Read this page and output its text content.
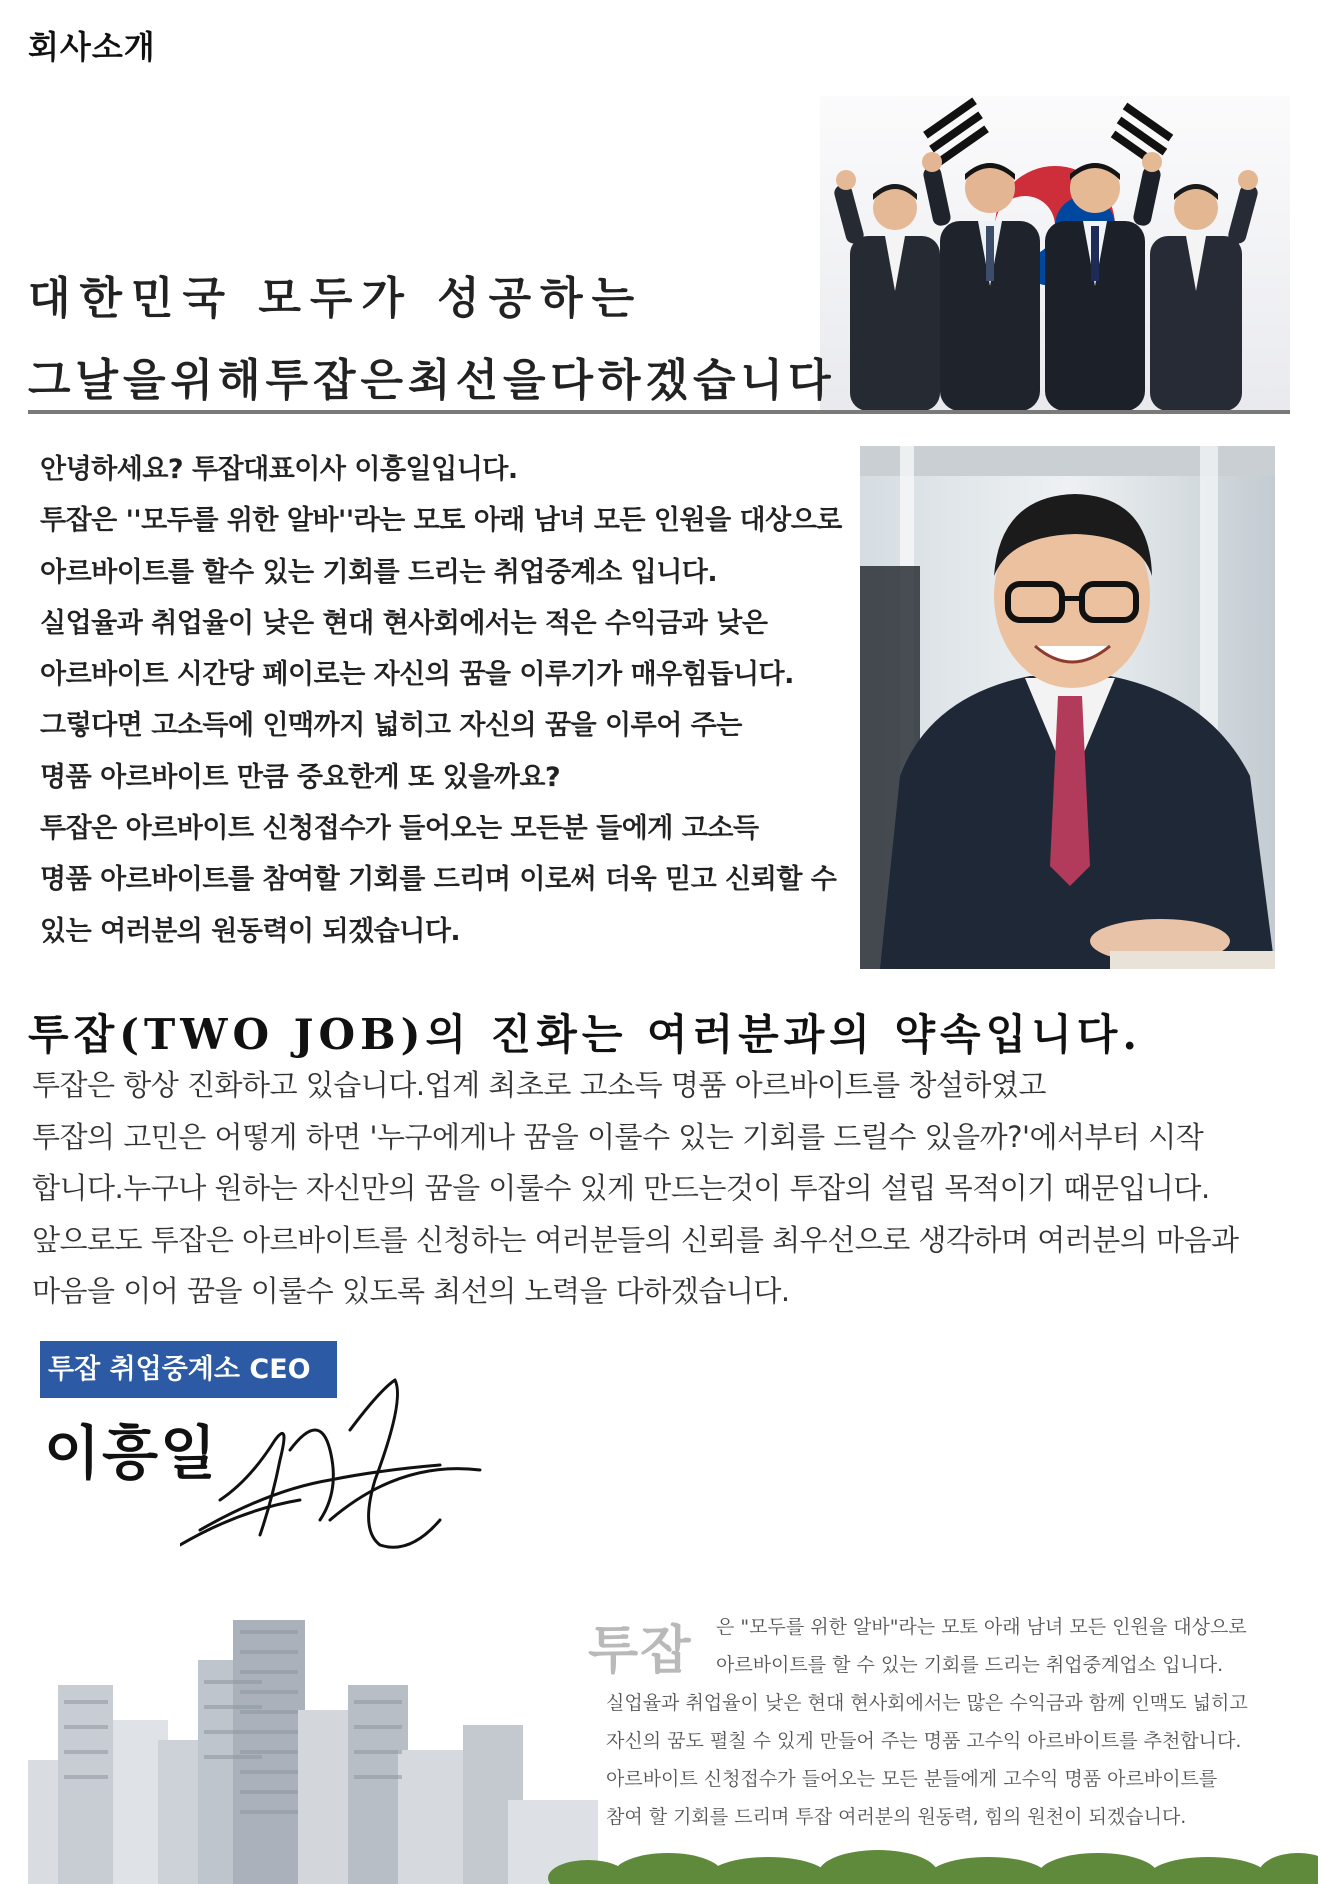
회사소개
대한민국 모두가 성공하는
그날을위해투잡은최선을다하겠습니다

안녕하세요? 투잡대표이사 이흥일입니다.

투잡은 ''모두를 위한 알바''라는 모토 아래 남녀 모든 인원을 대상으로

아르바이트를 할수 있는 기회를 드리는 취업중계소 입니다.

실업율과 취업율이 낮은 현대 현사회에서는 적은 수익금과 낮은

아르바이트 시간당 페이로는 자신의 꿈을 이루기가 매우힘듭니다.

그렇다면 고소득에 인맥까지 넓히고 자신의 꿈을 이루어 주는

명품 아르바이트 만큼 중요한게 또 있을까요?

투잡은 아르바이트 신청접수가 들어오는 모든분 들에게 고소득

명품 아르바이트를 참여할 기회를 드리며 이로써 더욱 믿고 신뢰할 수

있는 여러분의 원동력이 되겠습니다.

투잡(TWO JOB)의 진화는 여러분과의 약속입니다.

투잡은 항상 진화하고 있습니다.업계 최초로 고소득 명품 아르바이트를 창설하였고

투잡의 고민은 어떻게 하면 '누구에게나 꿈을 이룰수 있는 기회를 드릴수 있을까?'에서부터 시작

합니다.누구나 원하는 자신만의 꿈을 이룰수 있게 만드는것이 투잡의 설립 목적이기 때문입니다.

앞으로도 투잡은 아르바이트를 신청하는 여러분들의 신뢰를 최우선으로 생각하며 여러분의 마음과

마음을 이어 꿈을 이룰수 있도록 최선의 노력을 다하겠습니다.

투잡 취업중계소 CEO
이흥일
투잡	은 "모두를 위한 알바"라는 모토 아래 남녀 모든 인원을 대상으로

아르바이트를 할 수 있는 기회를 드리는 취업중계업소 입니다.

실업율과 취업율이 낮은 현대 현사회에서는 많은 수익금과 함께 인맥도 넓히고

자신의 꿈도 펼칠 수 있게 만들어 주는 명품 고수익 아르바이트를 추천합니다.

아르바이트 신청접수가 들어오는 모든 분들에게 고수익 명품 아르바이트를

참여 할 기회를 드리며 투잡 여러분의 원동력, 힘의 원천이 되겠습니다.
